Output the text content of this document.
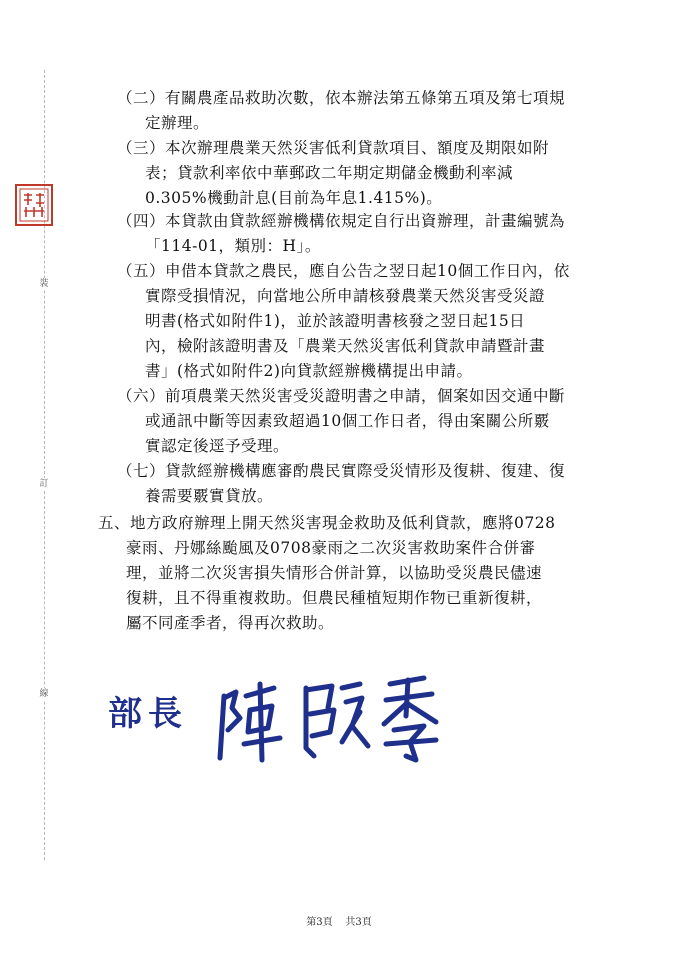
裝
訂
線
（二）有關農產品救助次數，依本辦法第五條第五項及第七項規
定辦理。
（三）本次辦理農業天然災害低利貸款項目、額度及期限如附
表；貸款利率依中華郵政二年期定期儲金機動利率減
0.305%機動計息(目前為年息1.415%)。
（四）本貸款由貸款經辦機構依規定自行出資辦理，計畫編號為
「114-01，類別：H」。
（五）申借本貸款之農民，應自公告之翌日起10個工作日內，依
實際受損情況，向當地公所申請核發農業天然災害受災證
明書(格式如附件1)，並於該證明書核發之翌日起15日
內，檢附該證明書及「農業天然災害低利貸款申請暨計畫
書」(格式如附件2)向貸款經辦機構提出申請。
（六）前項農業天然災害受災證明書之申請，個案如因交通中斷
或通訊中斷等因素致超過10個工作日者，得由案關公所覈
實認定後逕予受理。
（七）貸款經辦機構應審酌農民實際受災情形及復耕、復建、復
養需要覈實貸放。
五、地方政府辦理上開天然災害現金救助及低利貸款，應將0728
豪雨、丹娜絲颱風及0708豪雨之二次災害救助案件合併審
理，並將二次災害損失情形合併計算，以協助受災農民儘速
復耕，且不得重複救助。但農民種植短期作物已重新復耕，
屬不同產季者，得再次救助。
部長
第3頁 共3頁
